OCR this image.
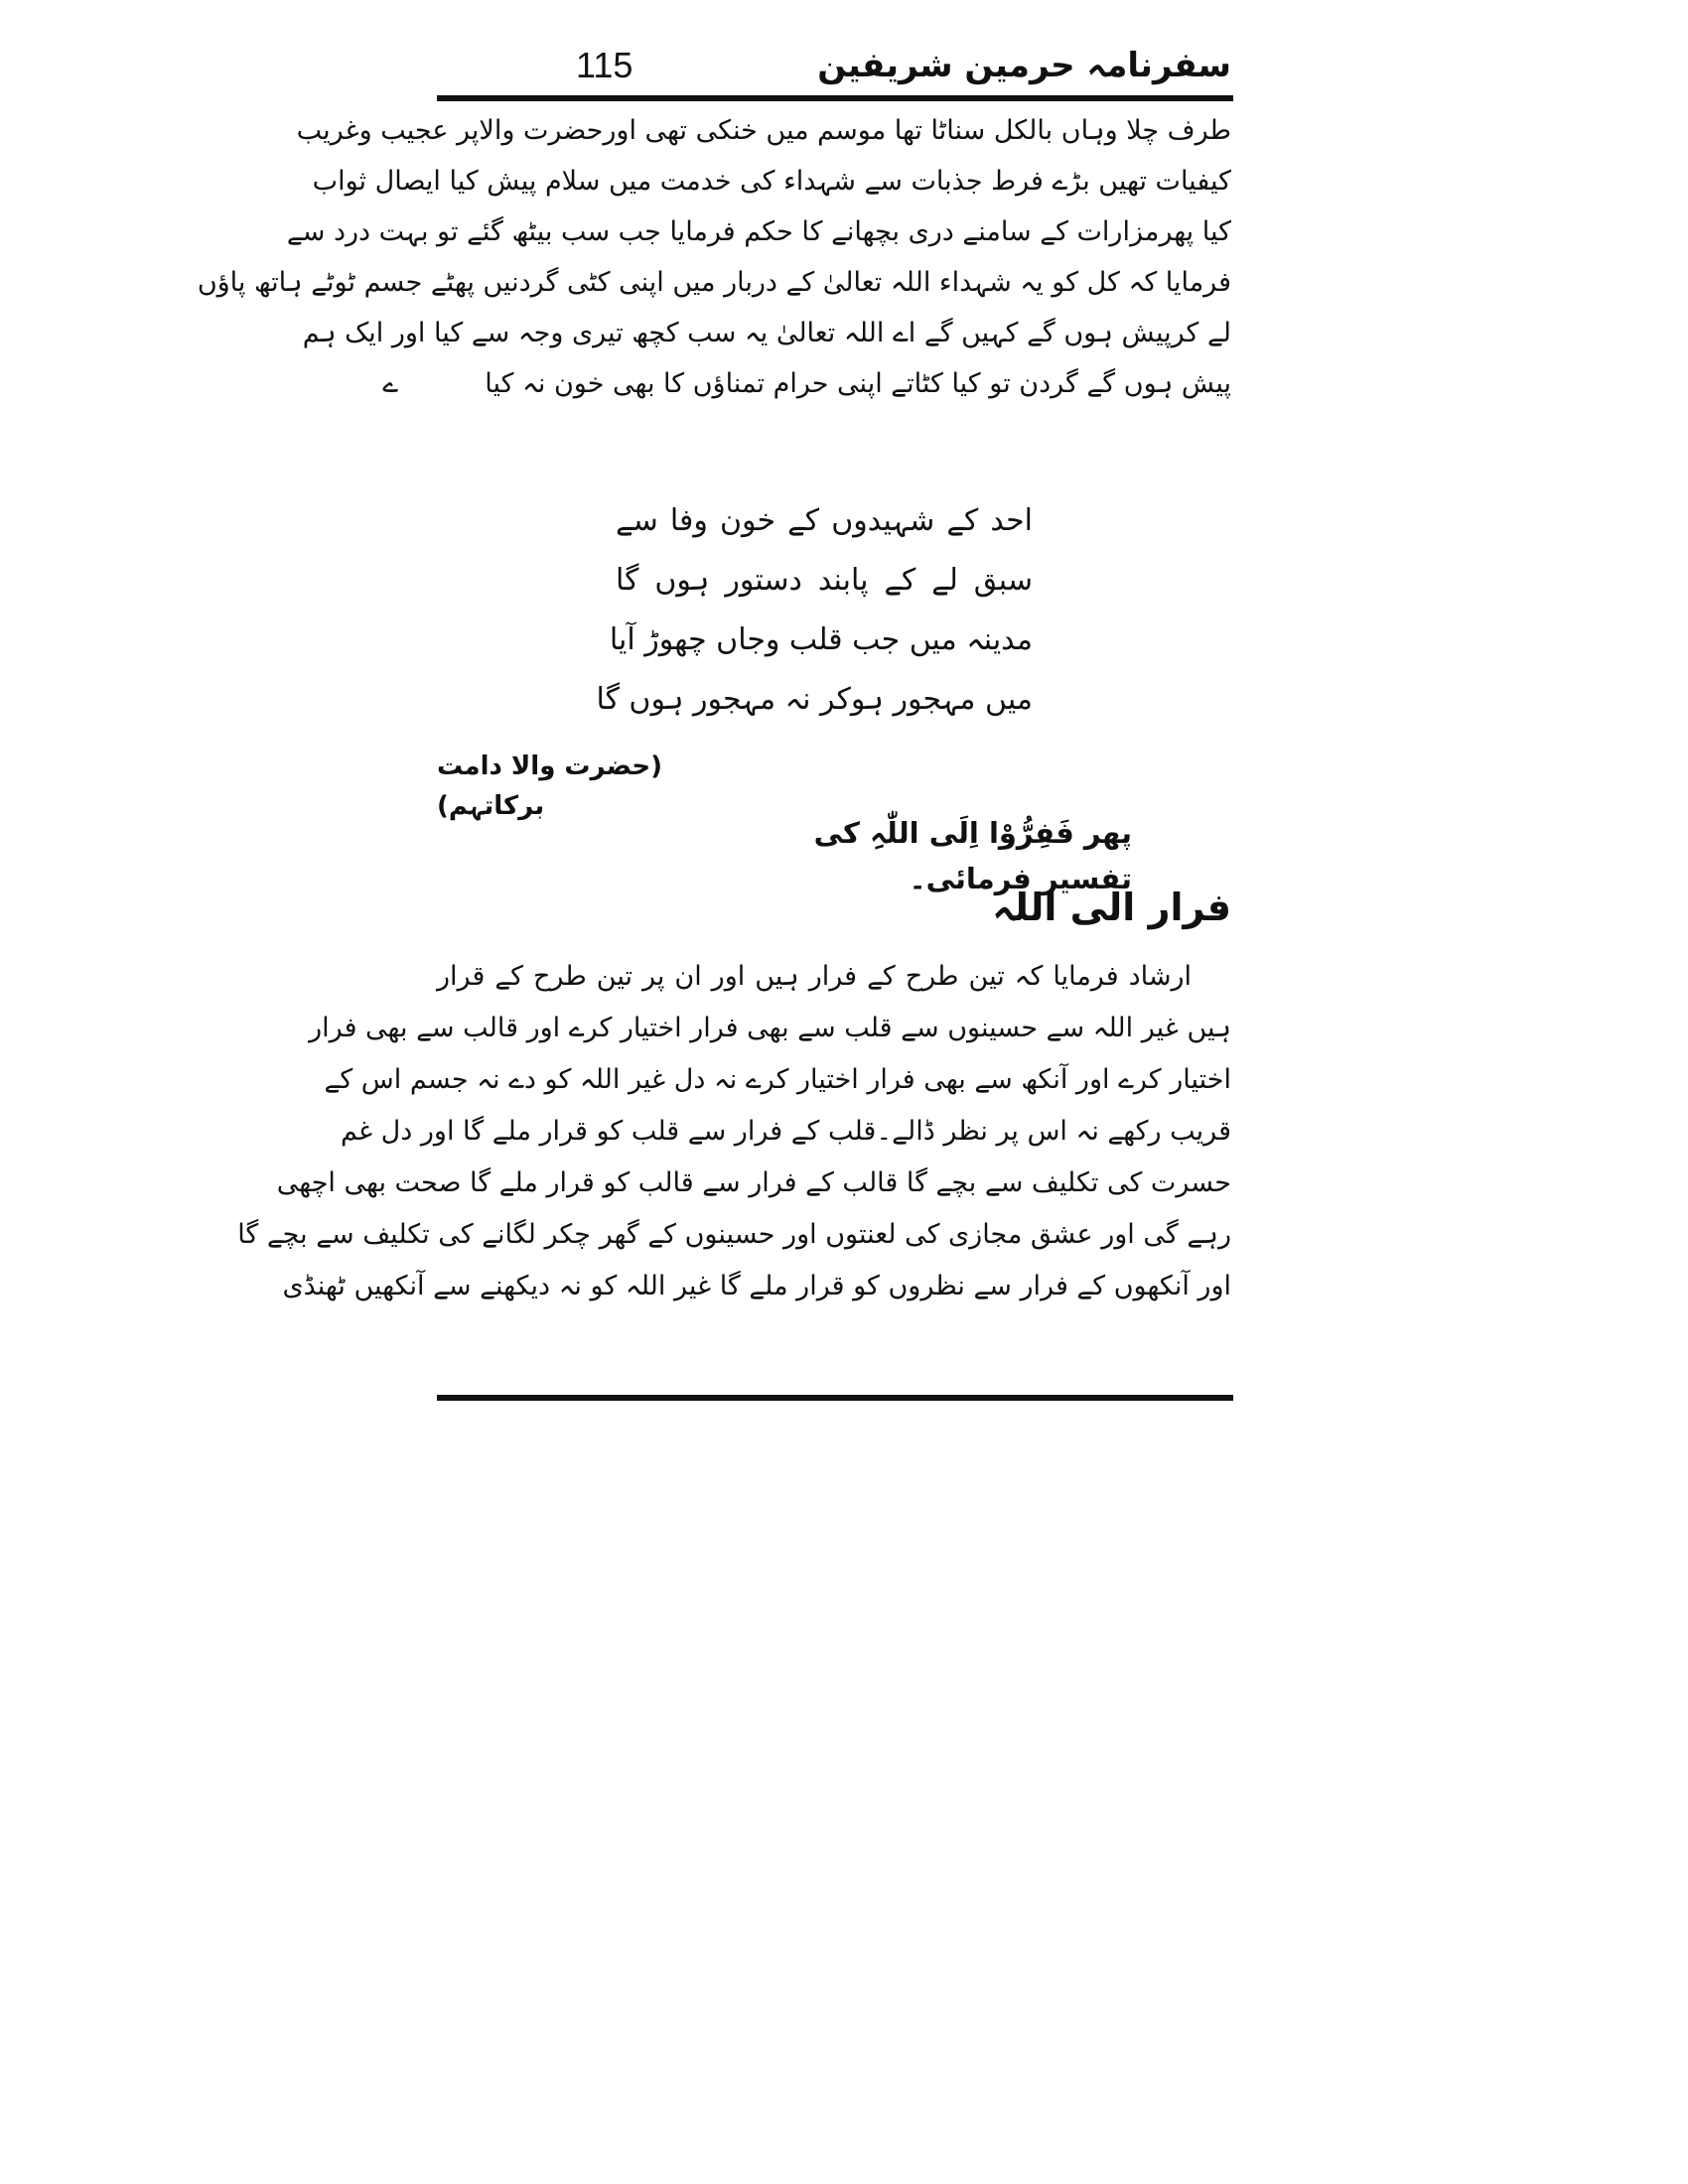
115	سفرنامہ حرمین شریفین
طرف چلا وہاں بالکل سناٹا تھا موسم میں خنکی تھی اورحضرت والاپر عجیب وغریب
کیفیات تھیں بڑے فرط جذبات سے شہداء کی خدمت میں سلام پیش کیا ایصال ثواب
کیا پھرمزارات کے سامنے دری بچھانے کا حکم فرمایا جب سب بیٹھ گئے تو بہت درد سے
فرمایا کہ کل کو یہ شہداء اللہ تعالیٰ کے دربار میں اپنی کٹی گردنیں پھٹے جسم ٹوٹے ہاتھ پاؤں
لے کرپیش ہوں گے کہیں گے اے اللہ تعالیٰ یہ سب کچھ تیری وجہ سے کیا اور ایک ہم
پیش ہوں گے گردن تو کیا کٹاتے اپنی حرام تمناؤں کا بھی خون نہ کیا  ے
احد کے شہیدوں کے خون وفا سے
سبق لے کے پابند دستور ہوں گا
مدینہ میں جب قلب وجاں چھوڑ آیا
میں مہجور ہوکر نہ مہجور ہوں گا
(حضرت والا دامت برکاتہم)
پھر فَفِرُّوْا اِلَی اللّٰہِ کی تفسیر فرمائی۔
فرار الی اللہ
ارشاد فرمایا کہ تین طرح کے فرار ہیں اور ان پر تین طرح کے قرار
ہیں غیر اللہ سے حسینوں سے قلب سے بھی فرار اختیار کرے اور قالب سے بھی فرار
اختیار کرے اور آنکھ سے بھی فرار اختیار کرے نہ دل غیر اللہ کو دے نہ جسم اس کے
قریب رکھے نہ اس پر نظر ڈالے۔قلب کے فرار سے قلب کو قرار ملے گا اور دل غم
حسرت کی تکلیف سے بچے گا قالب کے فرار سے قالب کو قرار ملے گا صحت بھی اچھی
رہے گی اور عشق مجازی کی لعنتوں اور حسینوں کے گھر چکر لگانے کی تکلیف سے بچے گا
اور آنکھوں کے فرار سے نظروں کو قرار ملے گا غیر اللہ کو نہ دیکھنے سے آنکھیں ٹھنڈی
